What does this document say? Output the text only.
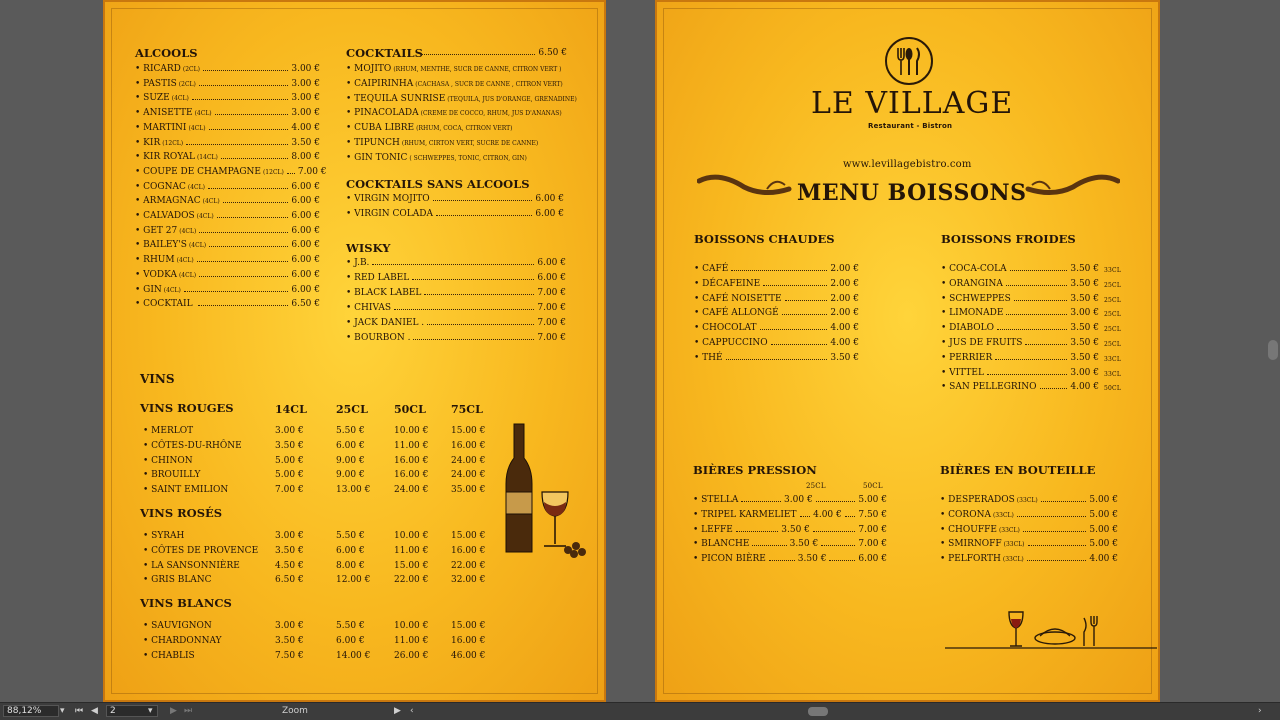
LE VILLAGE
Restaurant - Bistron
www.levillagebistro.com
MENU BOISSONS
ALCOOLS
• RICARD (2CL)	3.00 €
• PASTIS (2CL)	3.00 €
• SUZE (4CL)	3.00 €
• ANISETTE (4CL)	3.00 €
• MARTINI (4CL)	4.00 €
• KIR (12CL)	3.50 €
• KIR ROYAL (14CL)	8.00 €
• COUPE DE CHAMPAGNE (12CL) 7.00 €
• COGNAC (4CL)	6.00 €
• ARMAGNAC (4CL)	6.00 €
• CALVADOS (4CL)	6.00 €
• GET 27 (4CL)	6.00 €
• BAILEY'S (4CL)	6.00 €
• RHUM (4CL)	6.00 €
• VODKA (4CL)	6.00 €
• GIN (4CL)	6.00 €
• COCKTAIL	6.50 €
COCKTAILS	6.50 €
• MOJITO (RHUM, MENTHE, SUCR DE CANNE, CITRON VERT )
• CAIPIRINHA (CACHASA , SUCR DE CANNE , CITRON VERT)
• TEQUILA SUNRISE (TEQUILA, JUS D'ORANGE, GRENADINE)
• PINACOLADA (CREME DE COCCO, RHUM, JUS D'ANANAS)
• CUBA LIBRE (RHUM, COCA, CITRON VERT)
• TIPUNCH (RHUM, CIRTON VERT, SUCRE DE CANNE)
• GIN TONIC ( SCHWEPPES, TONIC, CITRON, GIN)
COCKTAILS SANS ALCOOLS
• VIRGIN MOJITO	6.00 €
• VIRGIN COLADA	6.00 €
WISKY
• J.B.	6.00 €
• RED LABEL	6.00 €
• BLACK LABEL	7.00 €
• CHIVAS	7.00 €
• JACK DANIEL .	7.00 €
• BOURBON .	7.00 €
VINS
14CL	25CL 50CL 75CL
VINS ROUGES
• MERLOT	3.00 €	5.50 €	10.00 €	15.00 €
• CÔTES-DU-RHÔNE	3.50 €	6.00 €	11.00 €	16.00 €
• CHINON	5.00 €	9.00 €	16.00 €	24.00 €
• BROUILLY	5.00 €	9.00 €	16.00 €	24.00 €
• SAINT EMILION	7.00 €	13.00 €	24.00 €	35.00 €
VINS ROSÉS
• SYRAH	3.00 €	5.50 €	10.00 €	15.00 €
• CÔTES DE PROVENCE 3.50 €	6.00 €	11.00 €	16.00 €
• LA SANSONNIÈRE	4.50 €	8.00 €	15.00 €	22.00 €
• GRIS BLANC	6.50 €	12.00 €	22.00 €	32.00 €
VINS BLANCS
• SAUVIGNON	3.00 €	5.50 €	10.00 €	15.00 €
• CHARDONNAY	3.50 €	6.00 €	11.00 €	16.00 €
• CHABLIS	7.50 €	14.00 €	26.00 €	46.00 €
BOISSONS CHAUDES
• CAFÉ	2.00 €
• DÉCAFEINE	2.00 €
• CAFÉ NOISETTE	2.00 €
• CAFÉ ALLONGÉ	2.00 €
• CHOCOLAT	4.00 €
• CAPPUCCINO	4.00 €
• THÉ	3.50 €
BOISSONS FROIDES
• COCA-COLA	3.50 € 33CL
• ORANGINA	3.50 € 25CL
• SCHWEPPES	3.50 € 25CL
• LIMONADE	3.00 € 25CL
• DIABOLO	3.50 € 25CL
• JUS DE FRUITS	3.50 € 25CL
• PERRIER	3.50 € 33CL
• VITTEL	3.00 € 33CL
• SAN PELLEGRINO	4.00 € 50CL
BIÈRES PRESSION
25CL	50CL
• STELLA	3.00 €	5.00 €
• TRIPEL KARMELIET 4.00 € 7.50 €
• LEFFE	3.50 €	7.00 €
• BLANCHE	3.50 €	7.00 €
• PICON BIÈRE	3.50 €	6.00 €
BIÈRES EN BOUTEILLE
• DESPERADOS (33CL)	5.00 €
• CORONA (33CL)	5.00 €
• CHOUFFE (33CL)	5.00 €
• SMIRNOFF (33CL)	5.00 €
• PELFORTH (33CL)	4.00 €
88,12%	▾ ⏮ ◀	2	▾ ▶ ⏭	Zoom	▶ ‹	›
